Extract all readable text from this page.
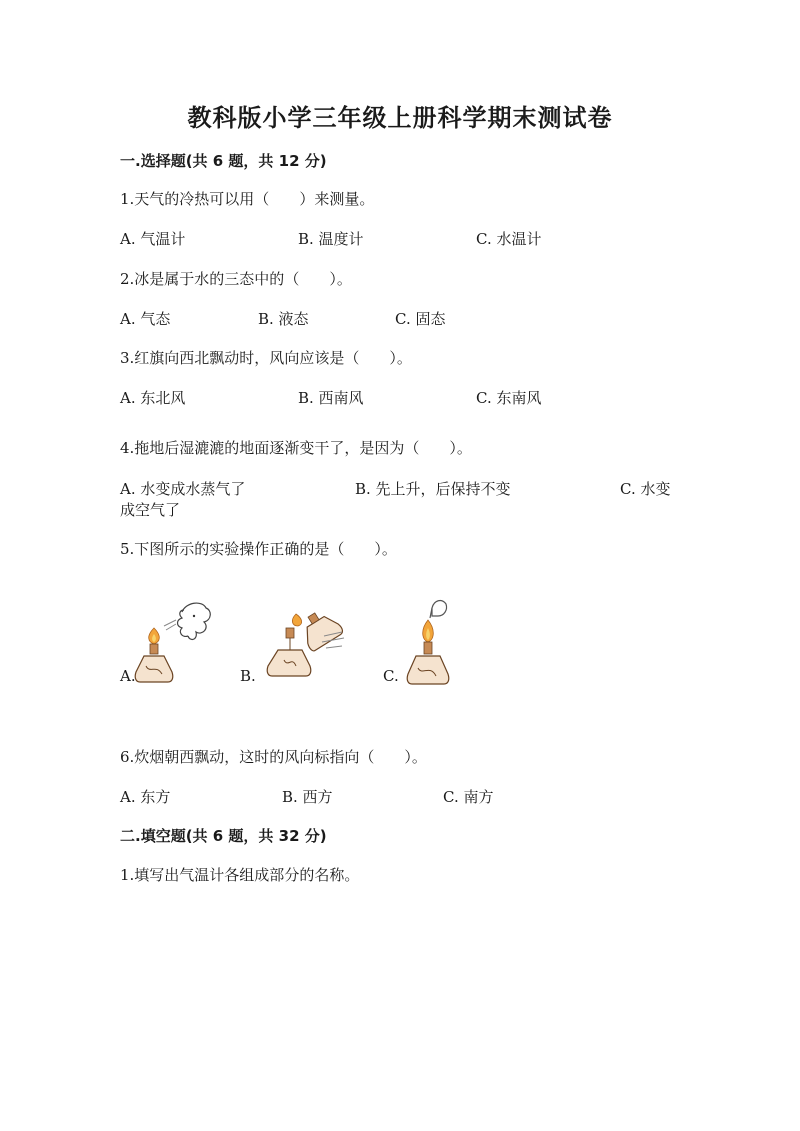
教科版小学三年级上册科学期末测试卷
一.选择题(共 6 题，共 12 分)
1.天气的冷热可以用（　　）来测量。
A. 气温计	B. 温度计	C. 水温计
2.冰是属于水的三态中的（　　）。
A. 气态	B. 液态	C. 固态
3.红旗向西北飘动时，风向应该是（　　）。
A. 东北风	B. 西南风	C. 东南风
4.拖地后湿漉漉的地面逐渐变干了，是因为（　　）。
A. 水变成水蒸气了	B. 先上升，后保持不变	C. 水变
成空气了
5.下图所示的实验操作正确的是（　　）。
A.	B.	C.
6.炊烟朝西飘动，这时的风向标指向（　　）。
A. 东方	B. 西方	C. 南方
二.填空题(共 6 题，共 32 分)
1.填写出气温计各组成部分的名称。
